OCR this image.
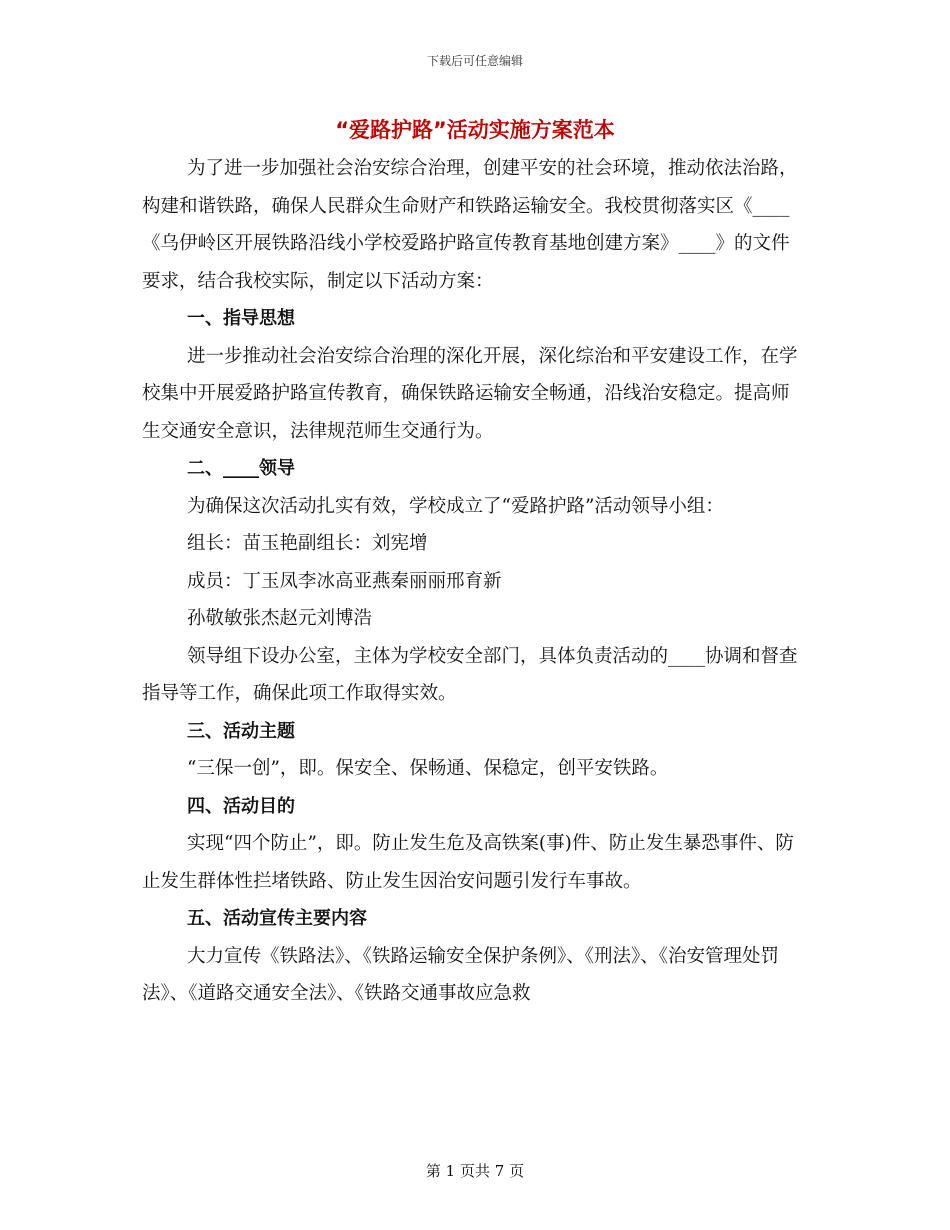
下载后可任意编辑
“爱路护路”活动实施方案范本

为了进一步加强社会治安综合治理，创建平安的社会环境，推动依法治路，构建和谐铁路，确保人民群众生命财产和铁路运输安全。我校贯彻落实区《____《乌伊岭区开展铁路沿线小学校爱路护路宣传教育基地创建方案》____》的文件要求，结合我校实际，制定以下活动方案：

一、指导思想

进一步推动社会治安综合治理的深化开展，深化综治和平安建设工作，在学校集中开展爱路护路宣传教育，确保铁路运输安全畅通，沿线治安稳定。提高师生交通安全意识，法律规范师生交通行为。

二、____领导

为确保这次活动扎实有效，学校成立了“爱路护路”活动领导小组：

组长：苗玉艳副组长：刘宪增

成员：丁玉凤李冰高亚燕秦丽丽邢育新

孙敬敏张杰赵元刘博浩

领导组下设办公室，主体为学校安全部门，具体负责活动的____协调和督查指导等工作，确保此项工作取得实效。

三、活动主题

“三保一创”，即。保安全、保畅通、保稳定，创平安铁路。

四、活动目的

实现“四个防止”，即。防止发生危及高铁案(事)件、防止发生暴恐事件、防止发生群体性拦堵铁路、防止发生因治安问题引发行车事故。

五、活动宣传主要内容

大力宣传《铁路法》、《铁路运输安全保护条例》、《刑法》、《治安管理处罚法》、《道路交通安全法》、《铁路交通事故应急救

第 1 页共 7 页
